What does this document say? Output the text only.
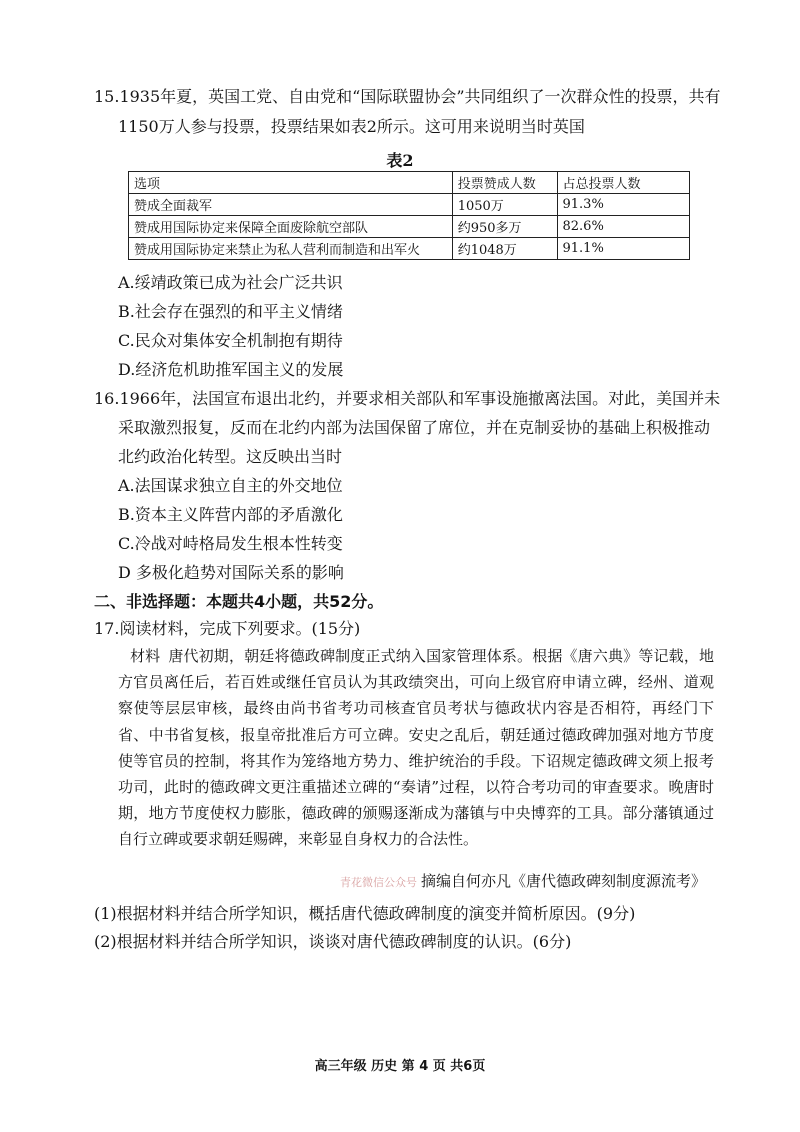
15.1935年夏，英国工党、自由党和“国际联盟协会”共同组织了一次群众性的投票，共有
1150万人参与投票，投票结果如表2所示。这可用来说明当时英国
表2
选项	投票赞成人数	占总投票人数
赞成全面裁军	1050万	91.3%
赞成用国际协定来保障全面废除航空部队	约950多万	82.6%
赞成用国际协定来禁止为私人营利而制造和出军火	约1048万	91.1%
A.绥靖政策已成为社会广泛共识
B.社会存在强烈的和平主义情绪
C.民众对集体安全机制抱有期待
D.经济危机助推军国主义的发展
16.1966年，法国宣布退出北约，并要求相关部队和军事设施撤离法国。对此，美国并未
采取激烈报复，反而在北约内部为法国保留了席位，并在克制妥协的基础上积极推动
北约政治化转型。这反映出当时
A.法国谋求独立自主的外交地位
B.资本主义阵营内部的矛盾激化
C.冷战对峙格局发生根本性转变
D 多极化趋势对国际关系的影响
二、非选择题：本题共4小题，共52分。
17.阅读材料，完成下列要求。(15分)
材料 唐代初期，朝廷将德政碑制度正式纳入国家管理体系。根据《唐六典》等记载，地方官员离任后，若百姓或继任官员认为其政绩突出，可向上级官府申请立碑，经州、道观察使等层层审核，最终由尚书省考功司核查官员考状与德政状内容是否相符，再经门下省、中书省复核，报皇帝批准后方可立碑。安史之乱后，朝廷通过德政碑加强对地方节度使等官员的控制，将其作为笼络地方势力、维护统治的手段。下诏规定德政碑文须上报考功司，此时的德政碑文更注重描述立碑的“奏请”过程，以符合考功司的审查要求。晚唐时期，地方节度使权力膨胀，德政碑的颁赐逐渐成为藩镇与中央博弈的工具。部分藩镇通过自行立碑或要求朝廷赐碑，来彰显自身权力的合法性。
青花微信公众号 摘编自何亦凡《唐代德政碑刻制度源流考》
(1)根据材料并结合所学知识，概括唐代德政碑制度的演变并简析原因。(9分)
(2)根据材料并结合所学知识，谈谈对唐代德政碑制度的认识。(6分)
高三年级 历史 第 4 页 共6页
